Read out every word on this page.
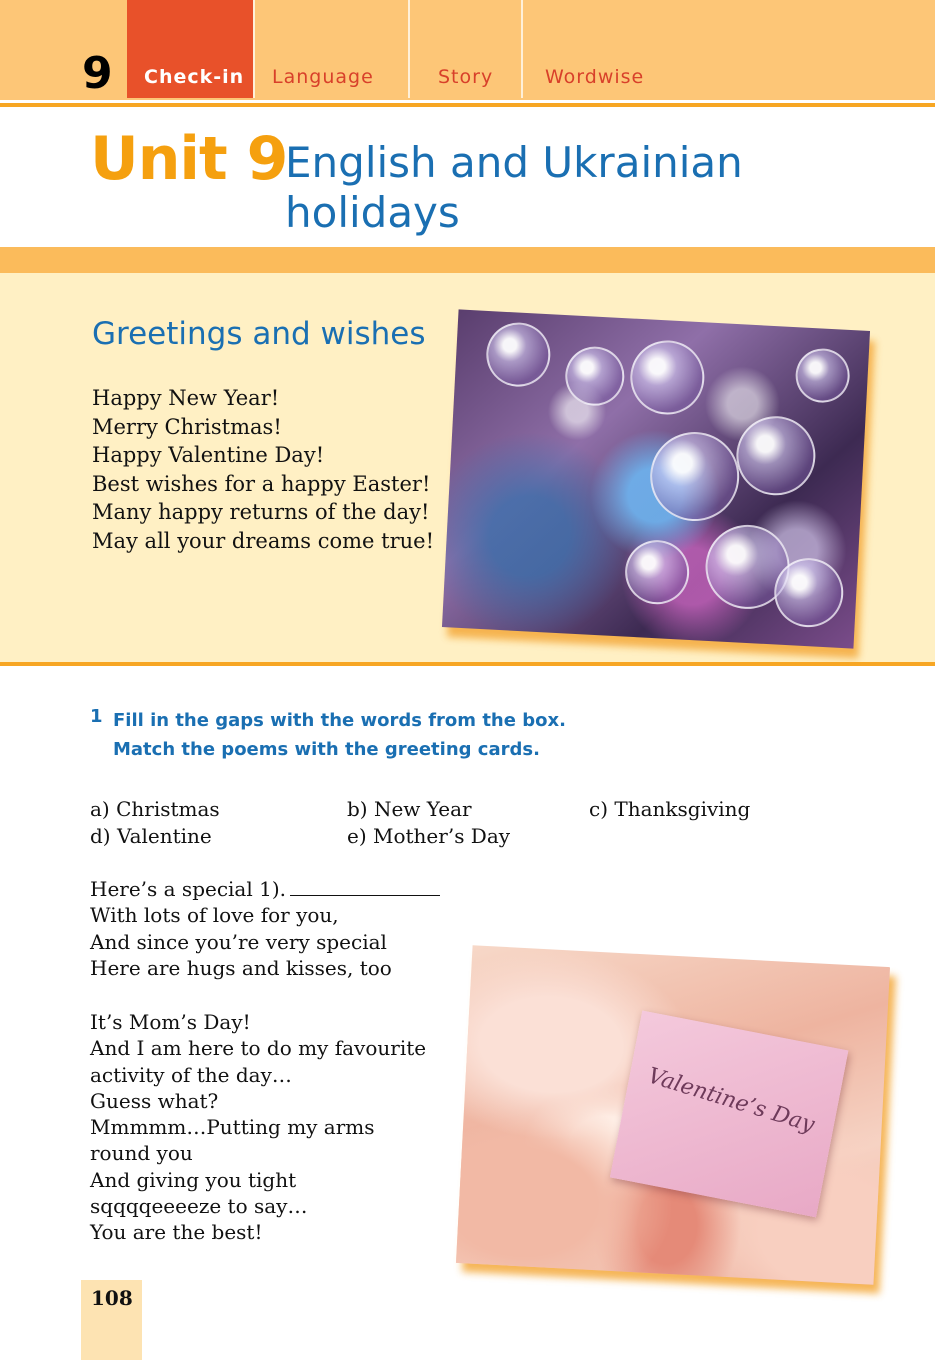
9	Check-in	Language	Story	Wordwise
Unit 9
English and Ukrainian holidays
Greetings and wishes
Happy New Year!
Merry Christmas!
Happy Valentine Day!
Best wishes for a happy Easter!
Many happy returns of the day!
May all your dreams come true!
1 Fill in the gaps with the words from the box.
Match the poems with the greeting cards.
a) Christmas	b) New Year	c) Thanksgiving
d) Valentine	e) Mother’s Day
Here’s a special 1).
With lots of love for you,
And since you’re very special
Here are hugs and kisses, too
It’s Mom’s Day!
And I am here to do my favourite
activity of the day…
Guess what?
Mmmmm…Putting my arms
round you
And giving you tight
sqqqqeeeeze to say…
You are the best!
Valentine’s Day
108
